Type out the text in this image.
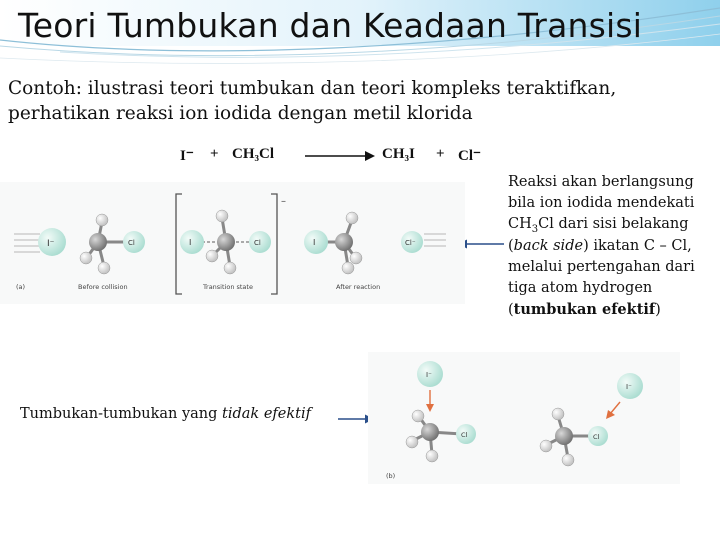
Teori Tumbukan dan Keadaan Transisi
Contoh: ilustrasi teori tumbukan dan teori kompleks teraktifkan, perhatikan reaksi ion iodida dengan metil klorida
I⁻ + CH₃Cl	CH₃I + Cl⁻
Reaksi akan berlangsung bila ion iodida mendekati $CH_3Cl$ dari sisi belakang (back side) ikatan C – Cl, melalui pertengahan dari tiga atom hydrogen (tumbukan efektif)
I⁻	Cl
(a)	Before collision
–
I	Cl
Transition state
I	Cl⁻
After reaction
Tumbukan-tumbukan yang tidak efektif
I⁻
Cl
(b)
I⁻
Cl
